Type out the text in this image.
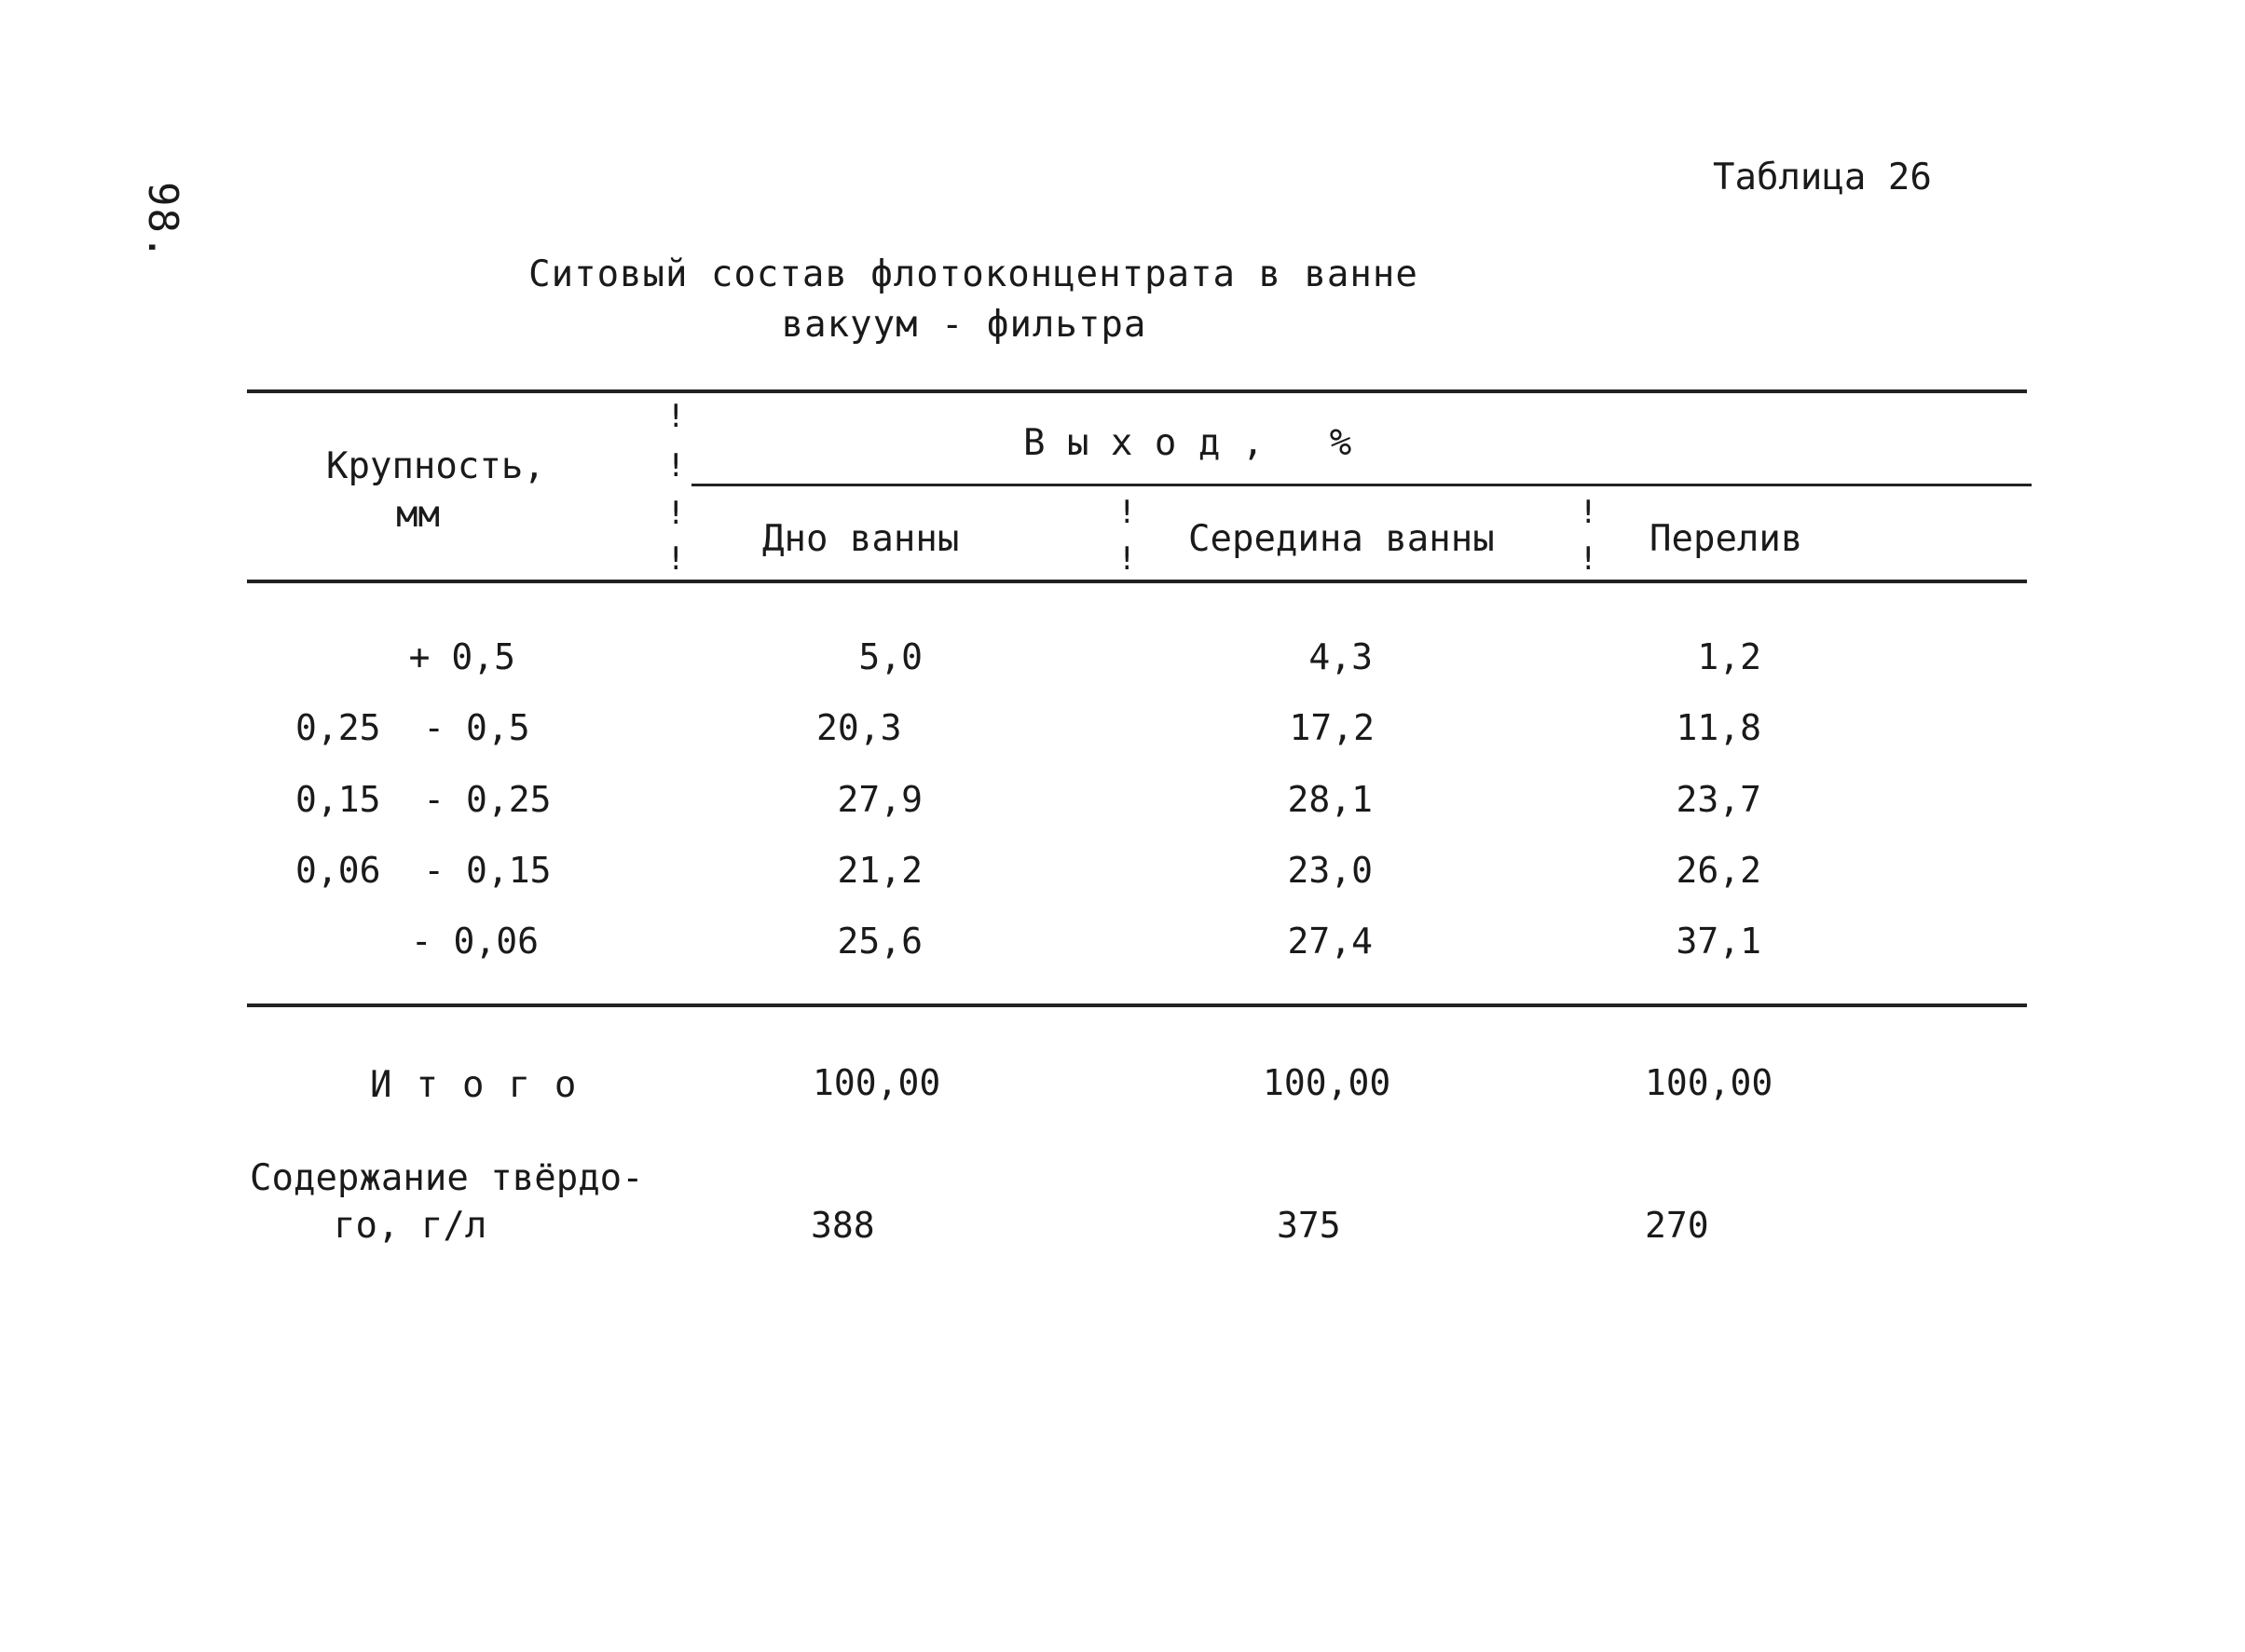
98.
Таблица 26
Ситовый состав флотоконцентрата в ванне
вакуум - фильтра
Крупность,
мм
!
!
!
!
В ы х о д ,   %
Дно ванны
!
! Середина ванны
!
! Перелив
+ 0,5	5,0	4,3	1,2
0,25  - 0,5	20,3	17,2	11,8
0,15  - 0,25	27,9	28,1	23,7
0,06  - 0,15	21,2	23,0	26,2
- 0,06	25,6	27,4	37,1
Итого	100,00	100,00	100,00
Содержание твёрдо-
го, г/л	388	375	270
